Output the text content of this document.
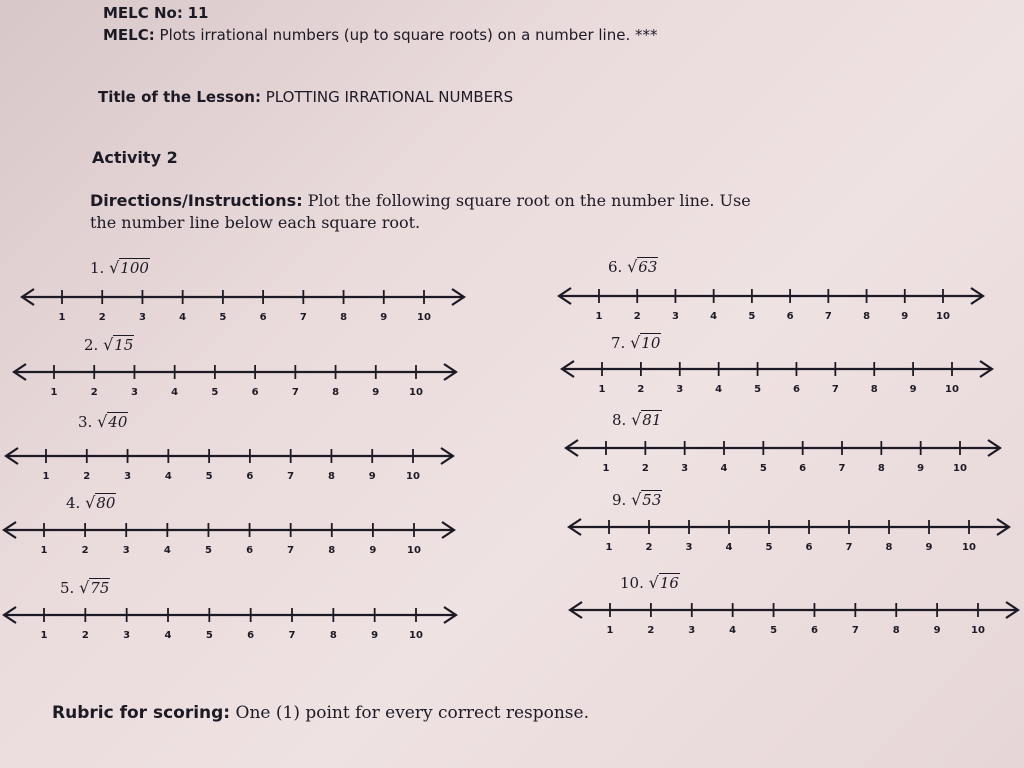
MELC No: 11
MELC: Plots irrational numbers (up to square roots) on a number line. ***
Title of the Lesson: PLOTTING IRRATIONAL NUMBERS
Activity 2
Directions/Instructions: Plot the following square root on the number line. Use
the number line below each square root.
1. √100
1	2	3	4	5	6	7	8	9	10
2. √15
1	2	3	4	5	6	7	8	9	10
3. √40
1	2	3	4	5	6	7	8	9	10
4. √80
1	2	3	4	5	6	7	8	9	10
5. √75
1	2	3	4	5	6	7	8	9	10
6. √63
1	2	3	4	5	6	7	8	9	10
7. √10
1	2	3	4	5	6	7	8	9	10
8. √81
1	2	3	4	5	6	7	8	9	10
9. √53
1	2	3	4	5	6	7	8	9	10
10. √16
1	2	3	4	5	6	7	8	9	10
Rubric for scoring: One (1) point for every correct response.
